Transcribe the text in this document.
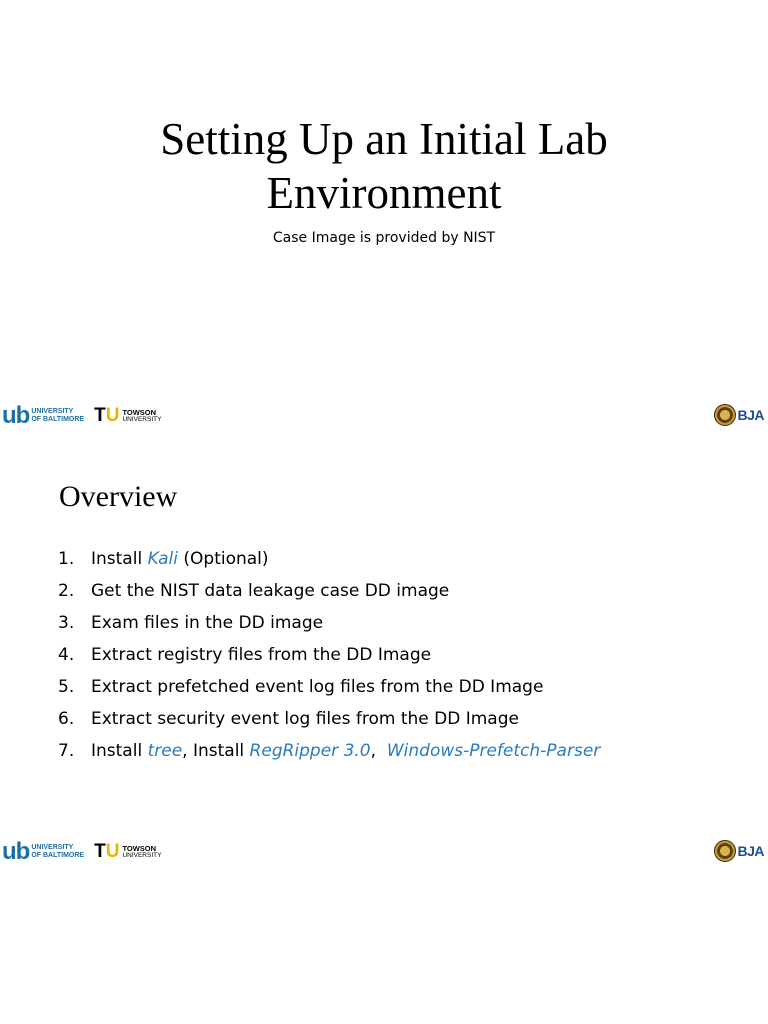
Setting Up an Initial Lab
Environment
Case Image is provided by NIST
ub UNIVERSITY
OF BALTIMORE TU TOWSON
UNIVERSITY	BJA
Overview
1. Install Kali (Optional)
2. Get the NIST data leakage case DD image
3. Exam files in the DD image
4. Extract registry files from the DD Image
5. Extract prefetched event log files from the DD Image
6. Extract security event log files from the DD Image
7. Install tree, Install RegRipper 3.0,  Windows-Prefetch-Parser
ub UNIVERSITY
OF BALTIMORE TU TOWSON
UNIVERSITY	BJA
